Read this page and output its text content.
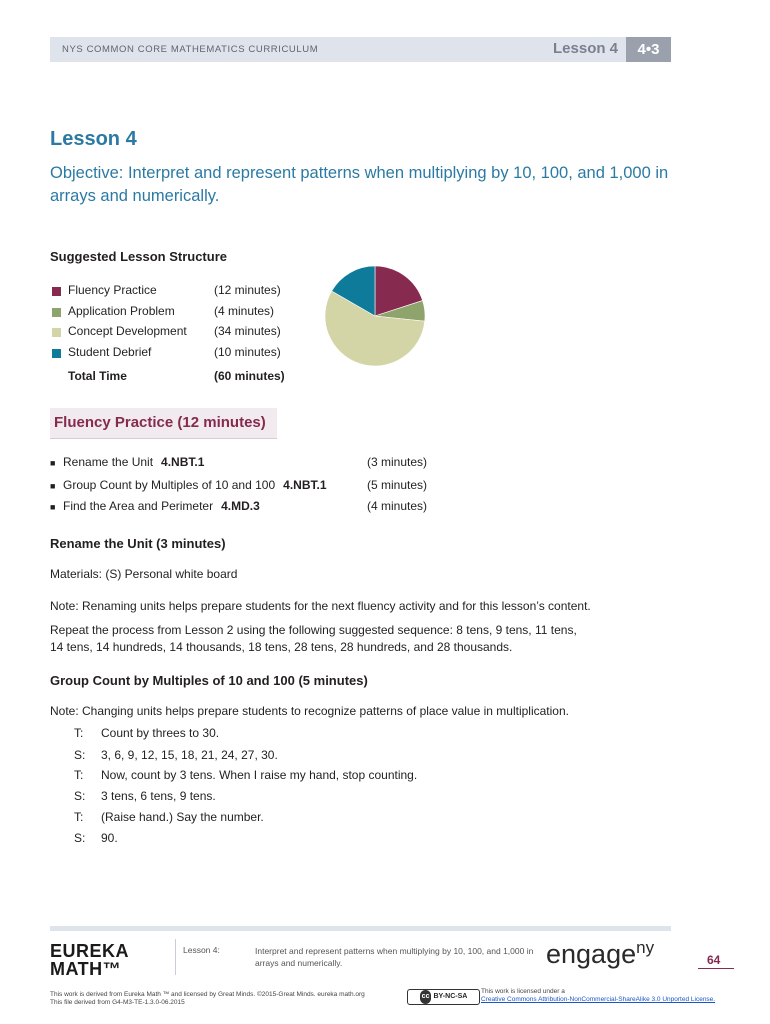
NYS COMMON CORE MATHEMATICS CURRICULUM	Lesson 4	4•3
Lesson 4
Objective: Interpret and represent patterns when multiplying by 10, 100, and 1,000 in arrays and numerically.
Suggested Lesson Structure
Fluency Practice	(12 minutes)
Application Problem	(4 minutes)
Concept Development (34 minutes)
Student Debrief	(10 minutes)
Total Time	(60 minutes)
Fluency Practice (12 minutes)
■ Rename the Unit 4.NBT.1	(3 minutes)
■ Group Count by Multiples of 10 and 100 4.NBT.1	(5 minutes)
■ Find the Area and Perimeter 4.MD.3	(4 minutes)
Rename the Unit (3 minutes)
Materials: (S) Personal white board
Note: Renaming units helps prepare students for the next fluency activity and for this lesson’s content.
Repeat the process from Lesson 2 using the following suggested sequence: 8 tens, 9 tens, 11 tens,
14 tens, 14 hundreds, 14 thousands, 18 tens, 28 tens, 28 hundreds, and 28 thousands.
Group Count by Multiples of 10 and 100 (5 minutes)
Note: Changing units helps prepare students to recognize patterns of place value in multiplication.
T: Count by threes to 30.
S: 3, 6, 9, 12, 15, 18, 21, 24, 27, 30.
T: Now, count by 3 tens. When I raise my hand, stop counting.
S: 3 tens, 6 tens, 9 tens.
T: (Raise hand.) Say the number.
S: 90.
EUREKA
MATH™
Lesson 4:	Interpret and represent patterns when multiplying by 10, 100, and 1,000 in arrays and numerically.	engage$^{ny}$
64
This work is derived from Eureka Math ™ and licensed by Great Minds. ©2015-Great Minds. eureka math.org
This file derived from G4-M3-TE-1.3.0-06.2015
cc BY-NC-SA
This work is licensed under a
Creative Commons Attribution-NonCommercial-ShareAlike 3.0 Unported License.
